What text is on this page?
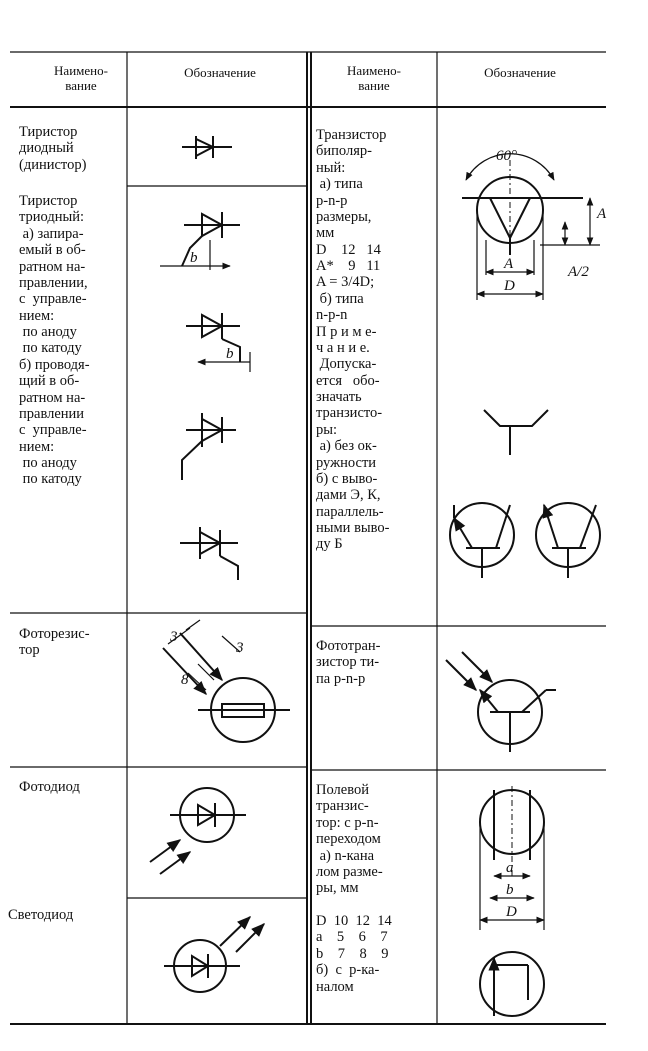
Наимено-
вание
Обозначение	Наимено-
вание
Обозначение
Тиристор
диодный
(динистор)
Тиристор
триодный:
а) запира-
емый в об-
ратном на-
правлении,
с  управле-
нием:
по аноду
по катоду
б) проводя-
щий в об-
ратном на-
правлении
с  управле-
нием:
по аноду
по катоду
Фоторезис-
тор
Фотодиод
Светодиод
Транзистор
биполяр-
ный:
а) типа
p-n-p
размеры,
мм
D    12   14
A*    9   11
A = 3/4D;
б) типа
n-p-n
П р и м е-
ч а н и е.
Допуска-
ется   обо-
значать
транзисто-
ры:
а) без ок-
ружности
б) с выво-
дами Э, К,
параллель-
ными выво-
ду Б
Фототран-
зистор ти-
па p-n-p
Полевой
транзис-
тор: с p-n-
переходом
а) n-кана
лом разме-
ры, мм

D  10  12  14
a    5    6    7
b    7    8    9
б)  с  p-ка-
налом
b
b
3
3
8
60°
A
A/2
A
D
a
b
D
